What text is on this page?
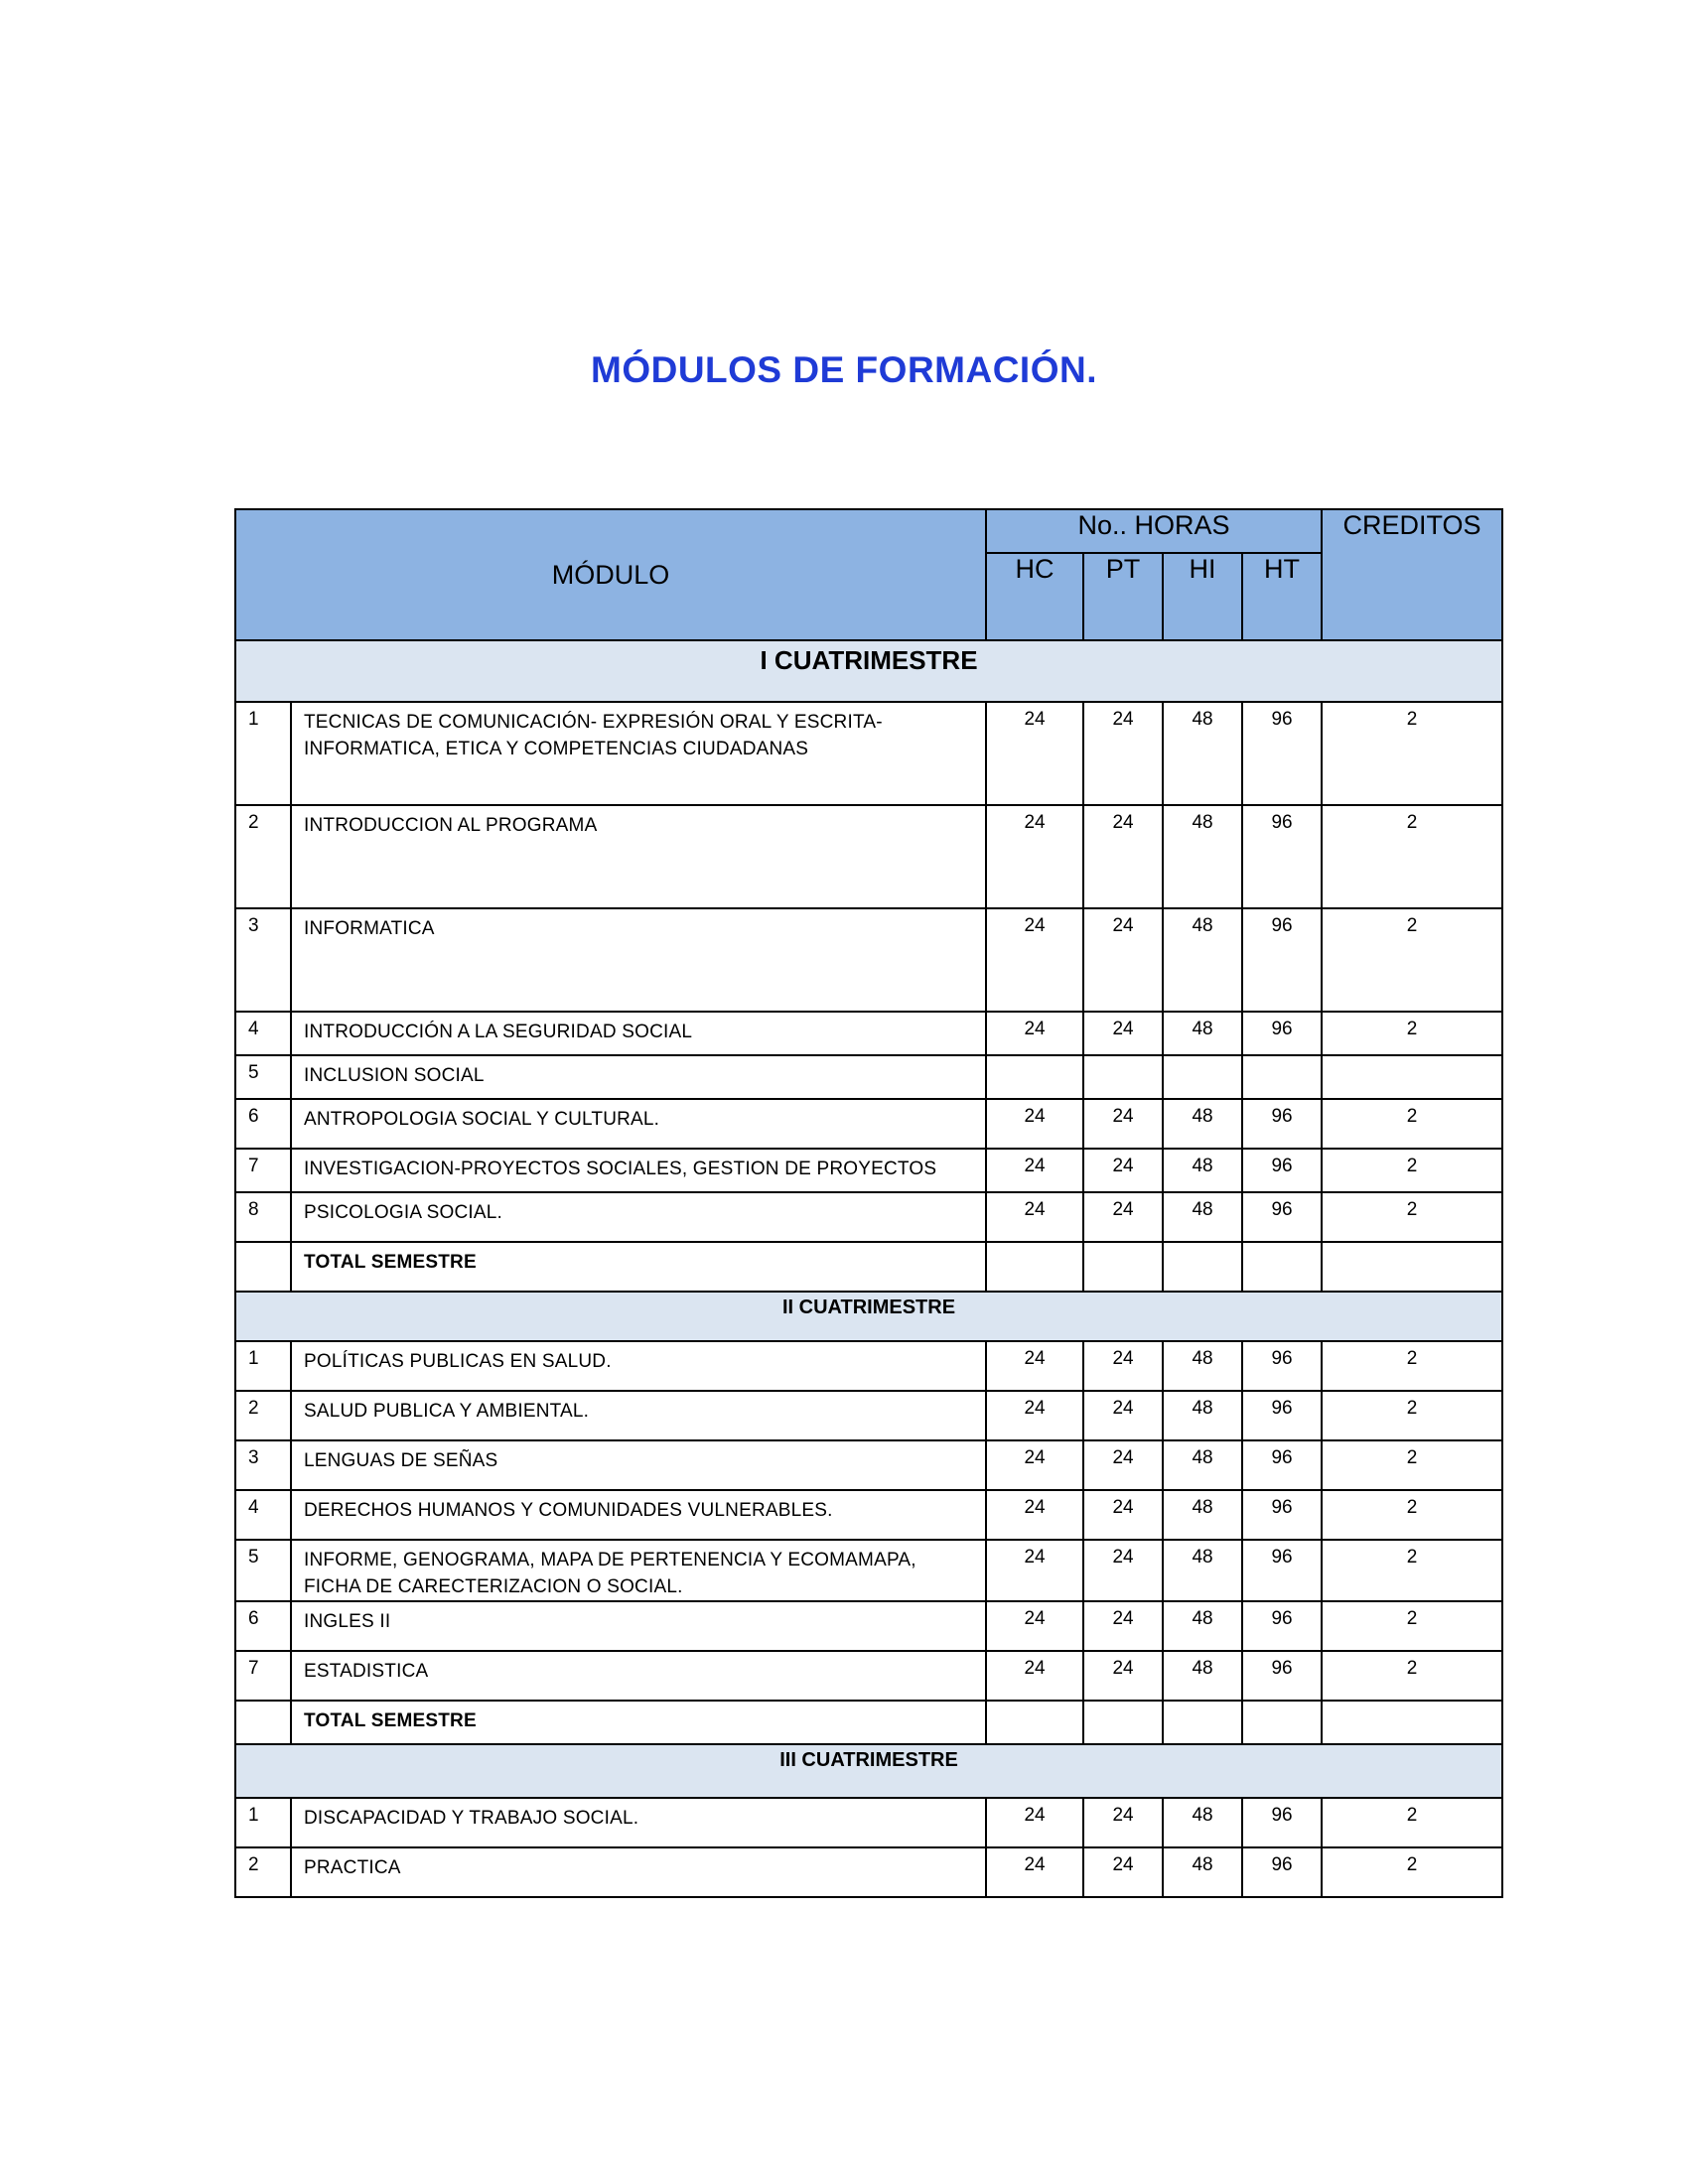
MÓDULOS DE FORMACIÓN.
MÓDULO		No.. HORAS				CREDITOS
		HC	PT	HI	HT	
I CUATRIMESTRE						
1	TECNICAS DE COMUNICACIÓN- EXPRESIÓN ORAL Y ESCRITA- INFORMATICA, ETICA Y COMPETENCIAS CIUDADANAS	24	24	48	96	2
2	INTRODUCCION AL PROGRAMA	24	24	48	96	2
3	INFORMATICA	24	24	48	96	2
4	INTRODUCCIÓN A LA SEGURIDAD SOCIAL	24	24	48	96	2
5	INCLUSION SOCIAL					
6	ANTROPOLOGIA SOCIAL Y CULTURAL.	24	24	48	96	2
7	INVESTIGACION-PROYECTOS SOCIALES, GESTION DE PROYECTOS	24	24	48	96	2
8	PSICOLOGIA SOCIAL.	24	24	48	96	2
	TOTAL SEMESTRE					
II CUATRIMESTRE						
1	POLÍTICAS PUBLICAS EN SALUD.	24	24	48	96	2
2	SALUD PUBLICA Y AMBIENTAL.	24	24	48	96	2
3	LENGUAS DE SEÑAS	24	24	48	96	2
4	DERECHOS HUMANOS Y COMUNIDADES VULNERABLES.	24	24	48	96	2
5	INFORME, GENOGRAMA, MAPA DE PERTENENCIA Y ECOMAMAPA, FICHA DE CARECTERIZACION O SOCIAL.	24	24	48	96	2
6	INGLES II	24	24	48	96	2
7	ESTADISTICA	24	24	48	96	2
	TOTAL SEMESTRE					
III CUATRIMESTRE						
1	DISCAPACIDAD Y TRABAJO SOCIAL.	24	24	48	96	2
2	PRACTICA	24	24	48	96	2
